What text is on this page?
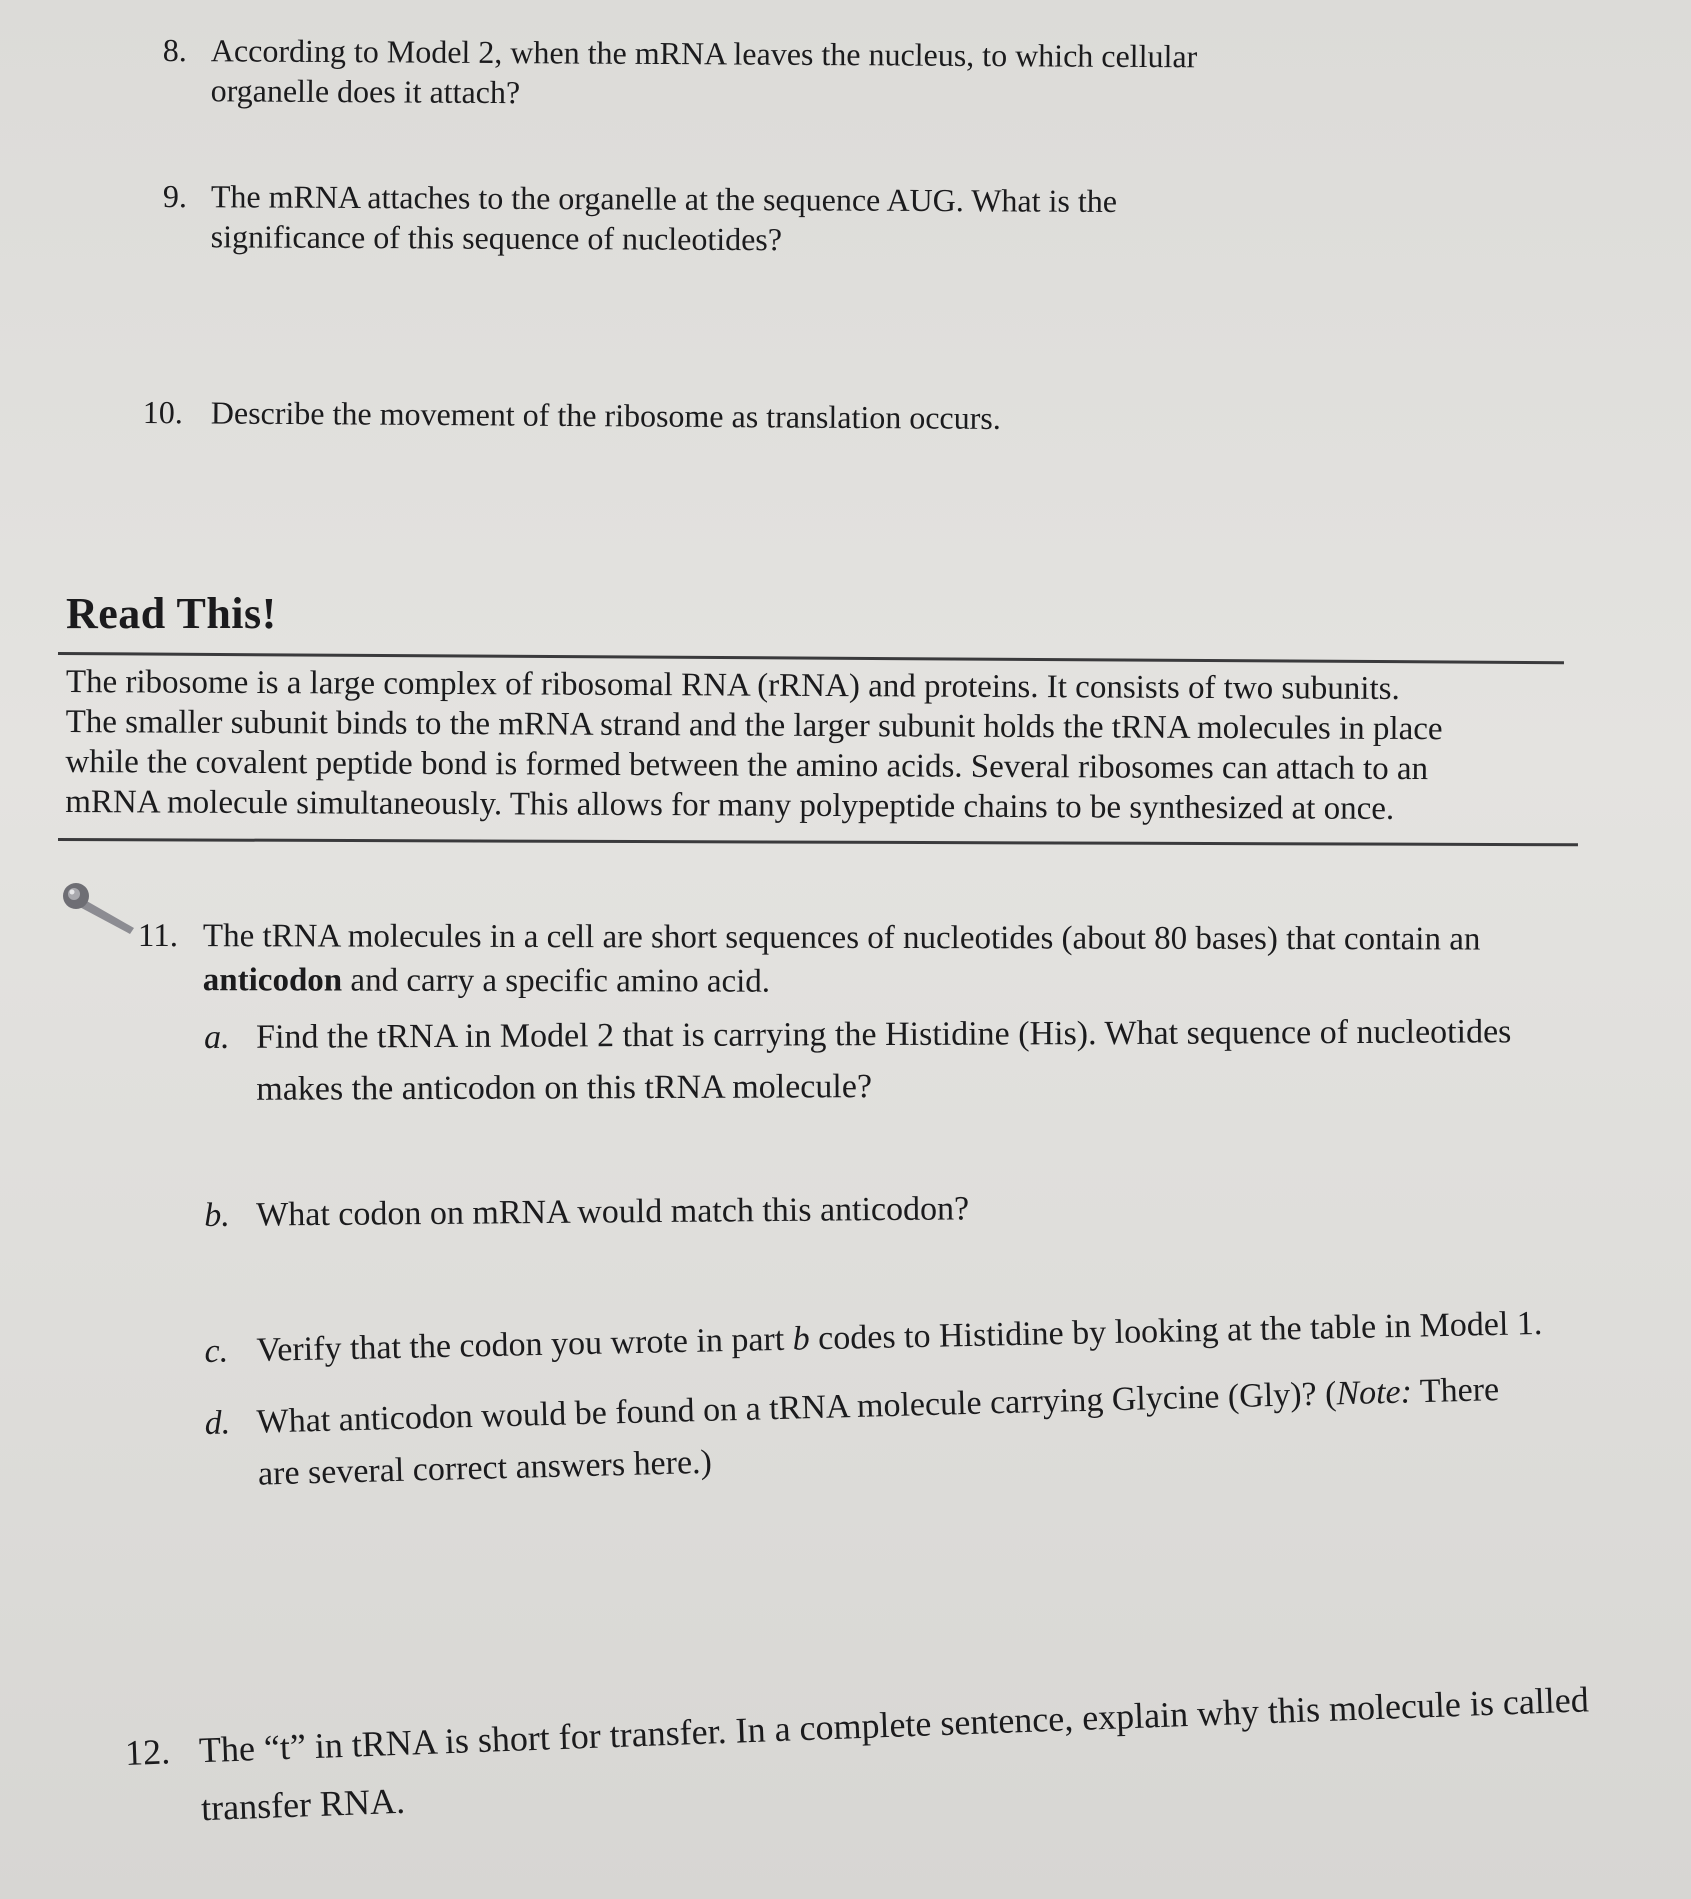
8. According to Model 2, when the mRNA leaves the nucleus, to which cellular organelle does it attach?
9. The mRNA attaches to the organelle at the sequence AUG. What is the significance of this sequence of nucleotides?
10. Describe the movement of the ribosome as translation occurs.
Read This!
The ribosome is a large complex of ribosomal RNA (rRNA) and proteins. It consists of two subunits.
The smaller subunit binds to the mRNA strand and the larger subunit holds the tRNA molecules in place
while the covalent peptide bond is formed between the amino acids. Several ribosomes can attach to an
mRNA molecule simultaneously. This allows for many polypeptide chains to be synthesized at once.
11. The tRNA molecules in a cell are short sequences of nucleotides (about 80 bases) that contain an
anticodon and carry a specific amino acid.
a. Find the tRNA in Model 2 that is carrying the Histidine (His). What sequence of nucleotides
makes the anticodon on this tRNA molecule?
b. What codon on mRNA would match this anticodon?
c. Verify that the codon you wrote in part b codes to Histidine by looking at the table in Model 1.
d. What anticodon would be found on a tRNA molecule carrying Glycine (Gly)? (Note: There
are several correct answers here.)
12. The “t” in tRNA is short for transfer. In a complete sentence, explain why this molecule is called
transfer RNA.
